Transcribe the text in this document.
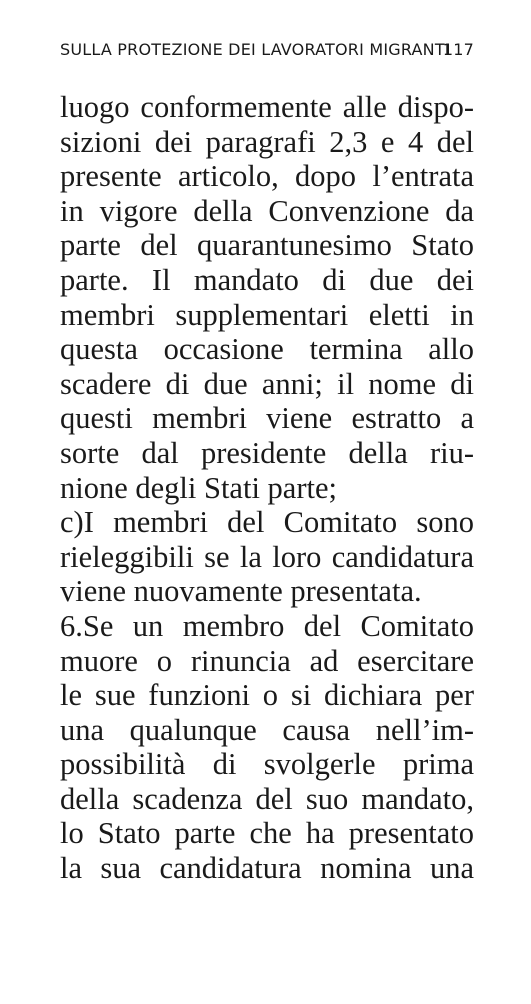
SULLA PROTEZIONE DEI LAVORATORI MIGRANTI
117
luogo conformemente alle dispo-
sizioni dei paragrafi 2,3 e 4 del
presente articolo, dopo l’entrata
in vigore della Convenzione da
parte del quarantunesimo Stato
parte. Il mandato di due dei
membri supplementari eletti in
questa occasione termina allo
scadere di due anni; il nome di
questi membri viene estratto a
sorte dal presidente della riu-
nione degli Stati parte;
c)I membri del Comitato sono
rieleggibili se la loro candidatura
viene nuovamente presentata.
6.Se un membro del Comitato
muore o rinuncia ad esercitare
le sue funzioni o si dichiara per
una qualunque causa nell’im-
possibilità di svolgerle prima
della scadenza del suo mandato,
lo Stato parte che ha presentato
la sua candidatura nomina una
